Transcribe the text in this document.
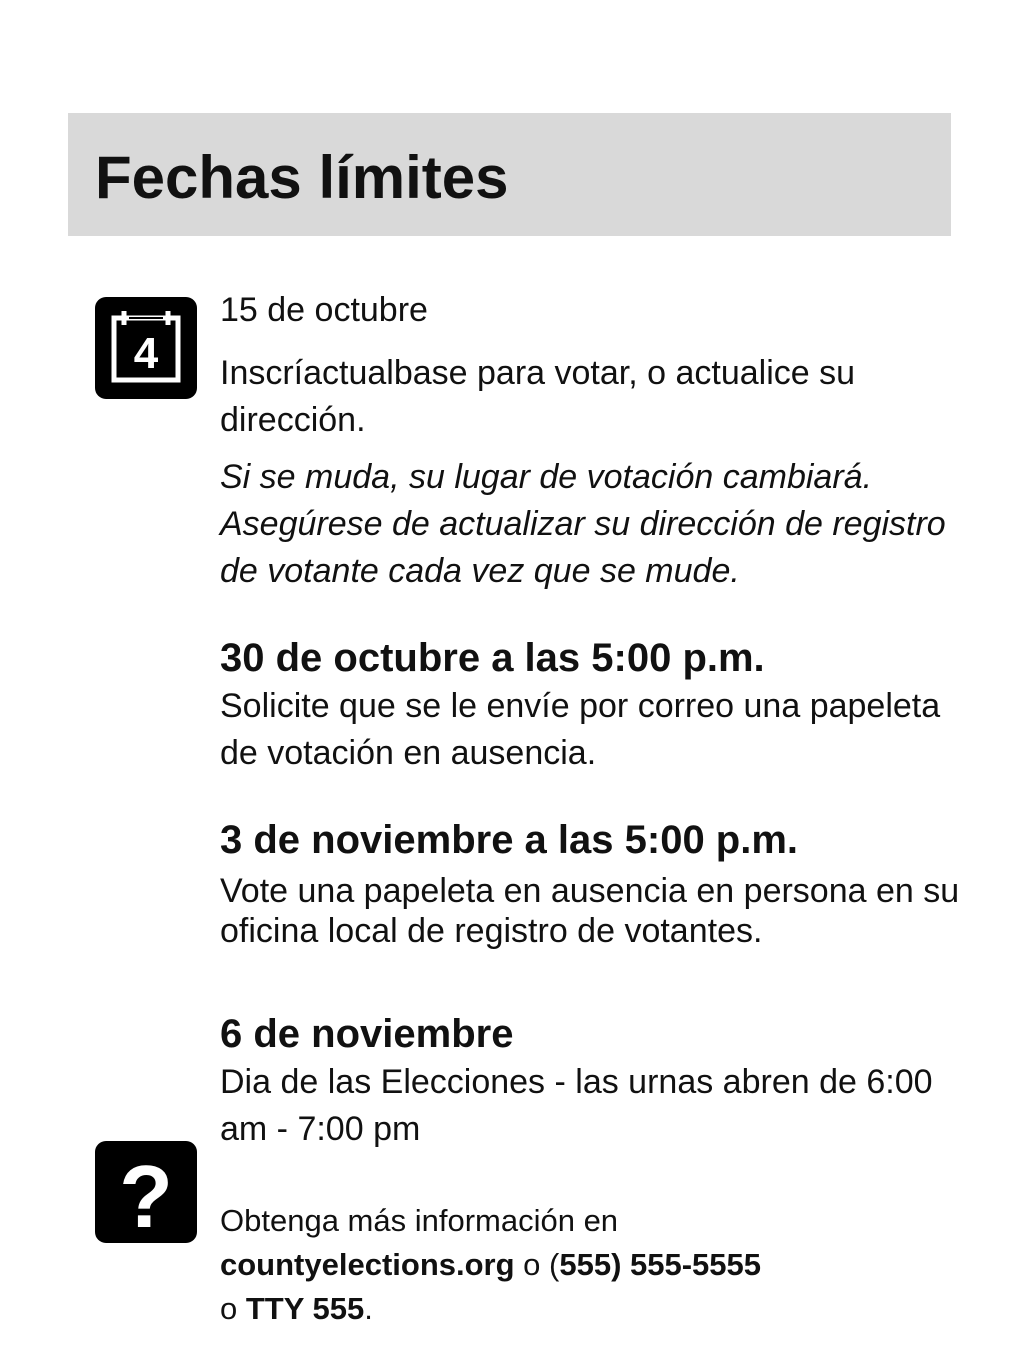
Fechas límites
4
?

15 de octubre

Inscríactualbase para votar, o actualice su dirección.

Si se muda, su lugar de votación cambiará. Asegúrese de actualizar su dirección de registro de votante cada vez que se mude.

30 de octubre a las 5:00 p.m.

Solicite que se le envíe por correo una papeleta de votación en ausencia.

3 de noviembre a las 5:00 p.m.

Vote una papeleta en ausencia en persona en su oficina local de registro de votantes.

6 de noviembre

Dia de las Elecciones - las urnas abren de 6:00 am - 7:00 pm

Obtenga más información en

countyelections.org o (555) 555-5555

o TTY 555.
